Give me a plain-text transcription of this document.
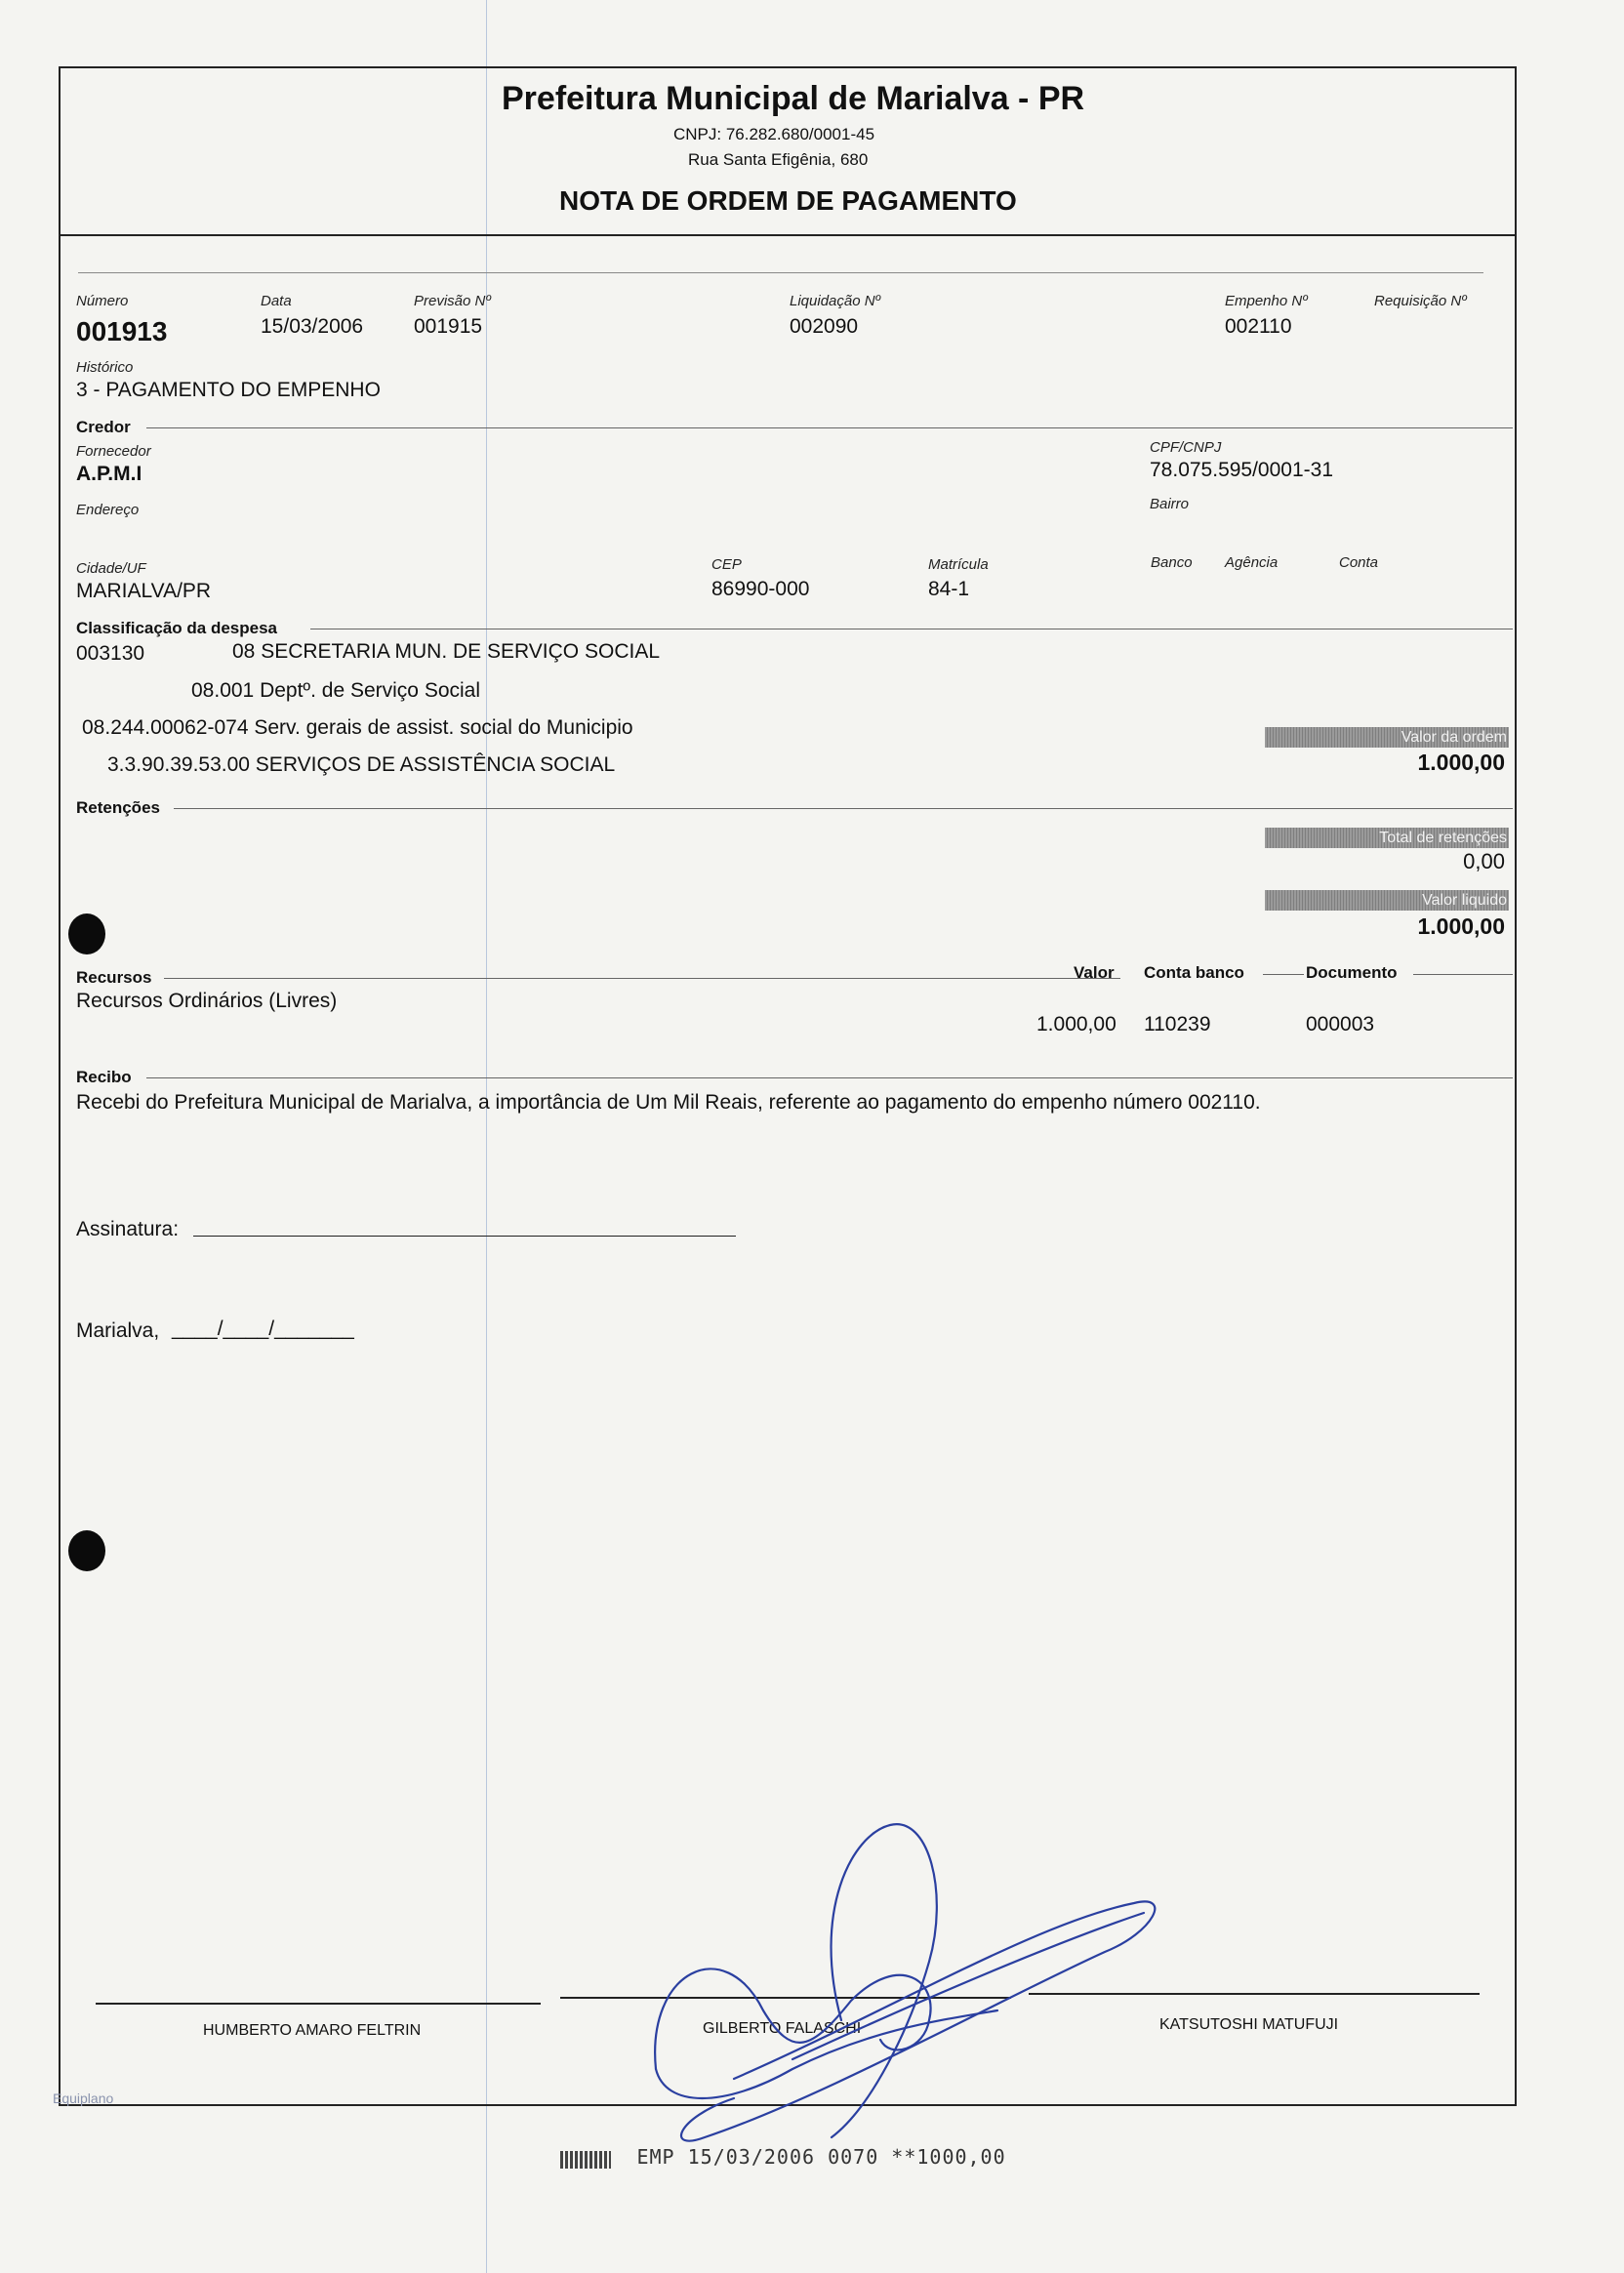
Prefeitura Municipal de Marialva - PR
CNPJ: 76.282.680/0001-45
Rua Santa Efigênia, 680
NOTA DE ORDEM DE PAGAMENTO
Número
001913
Data
15/03/2006
Previsão Nº
001915
Liquidação Nº
002090
Empenho Nº
002110
Requisição Nº
Histórico
3 - PAGAMENTO DO EMPENHO
Credor
Fornecedor
A.P.M.I
CPF/CNPJ
78.075.595/0001-31
Endereço	Bairro
Cidade/UF
MARIALVA/PR
CEP
86990-000
Matrícula
84-1
Banco Agência	Conta
Classificação da despesa
003130	08 SECRETARIA MUN. DE SERVIÇO SOCIAL
08.001 Deptº. de Serviço Social
08.244.00062-074 Serv. gerais de assist. social do Municipio
3.3.90.39.53.00 SERVIÇOS DE ASSISTÊNCIA SOCIAL
Valor da ordem
1.000,00
Retenções
Total de retenções
0,00
Valor liquido
1.000,00
Recursos	Valor Conta banco	Documento
Recursos Ordinários (Livres)
1.000,00 110239	000003
Recibo
Recebi do Prefeitura Municipal de Marialva, a importância de Um Mil Reais, referente ao pagamento do empenho número 002110.
Assinatura:
Marialva, ____/____/_______
HUMBERTO AMARO FELTRIN	GILBERTO FALASCHI	KATSUTOSHI MATUFUJI
Equiplano
EMP 15/03/2006 0070 **1000,00
